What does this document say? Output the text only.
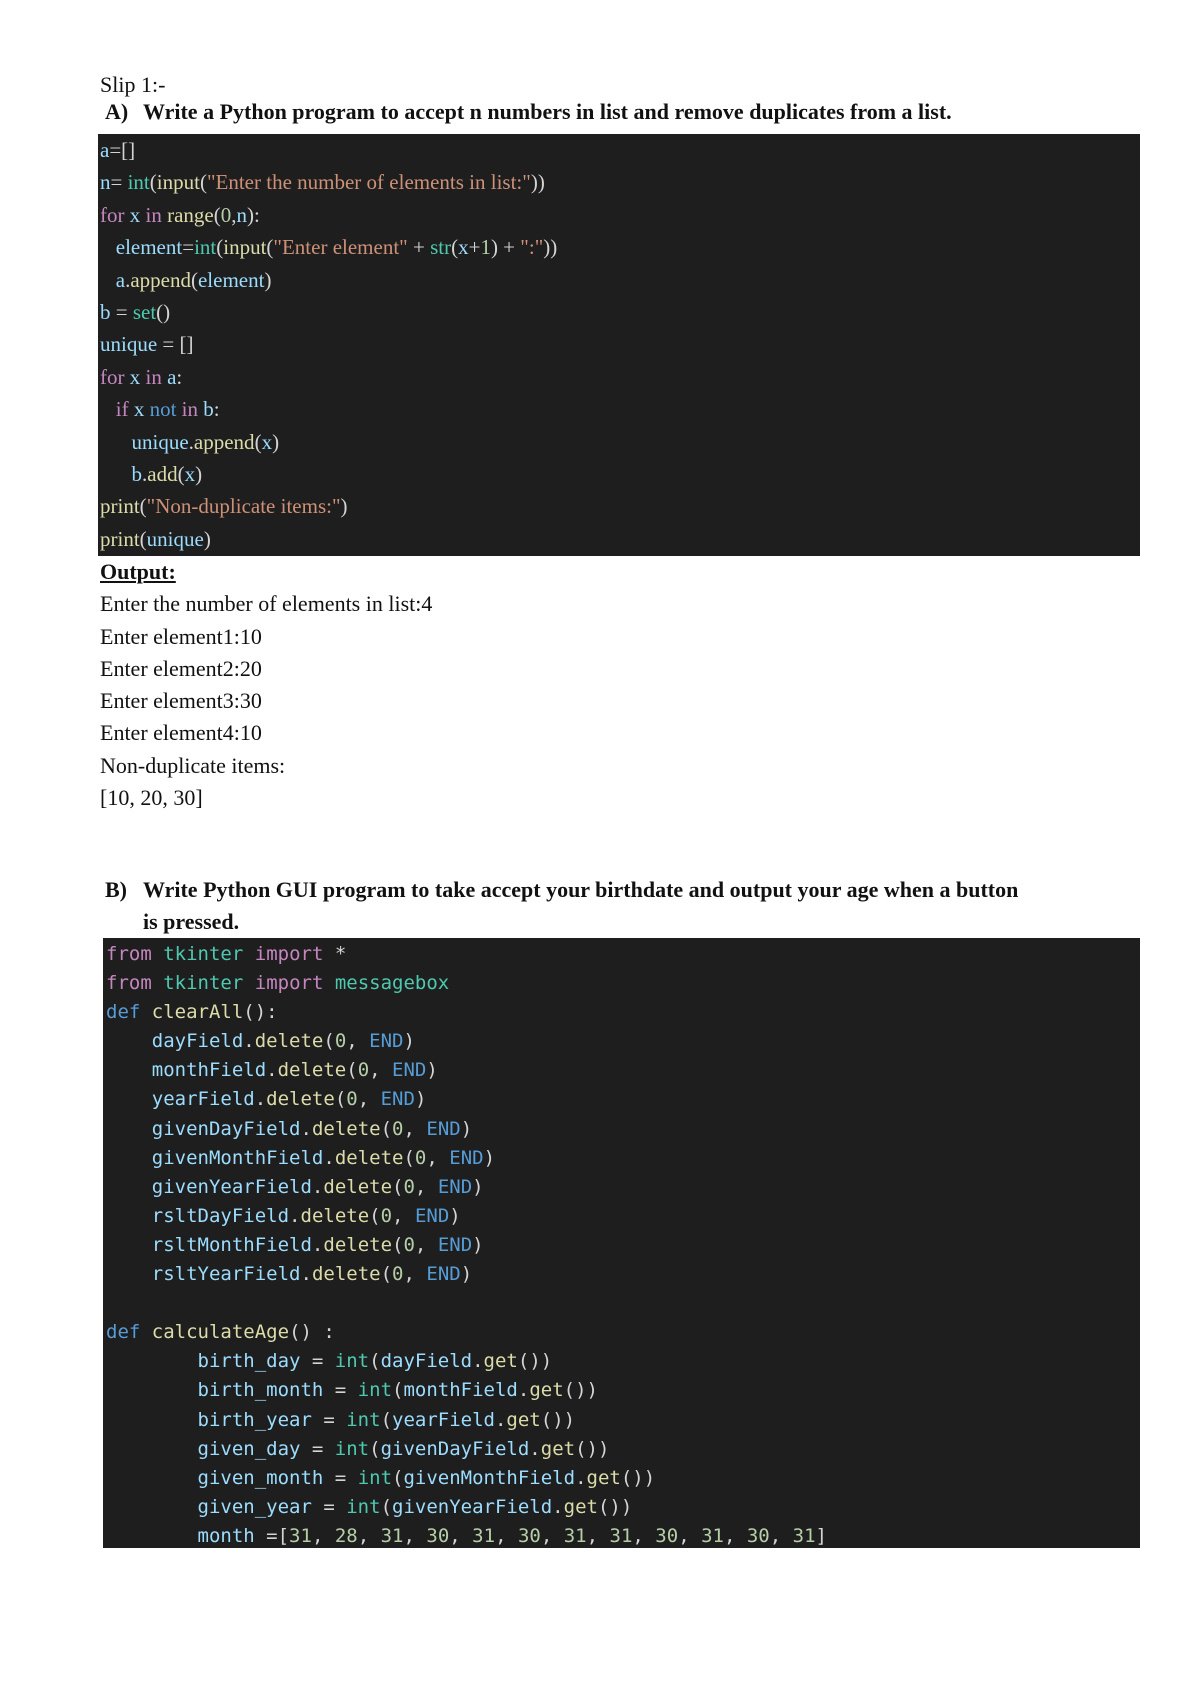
Slip 1:-
A) Write a Python program to accept n numbers in list and remove duplicates from a list.
a=[]
n= int(input("Enter the number of elements in list:"))
for x in range(0,n):
element=int(input("Enter element" + str(x+1) + ":"))
a.append(element)
b = set()
unique = []
for x in a:
if x not in b:
unique.append(x)
b.add(x)
print("Non-duplicate items:")
print(unique)
Output:
Enter the number of elements in list:4
Enter element1:10
Enter element2:20
Enter element3:30
Enter element4:10
Non-duplicate items:
[10, 20, 30]
B) Write Python GUI program to take accept your birthdate and output your age when a button
is pressed.
from tkinter import *
from tkinter import messagebox
def clearAll():
dayField.delete(0, END)
monthField.delete(0, END)
yearField.delete(0, END)
givenDayField.delete(0, END)
givenMonthField.delete(0, END)
givenYearField.delete(0, END)
rsltDayField.delete(0, END)
rsltMonthField.delete(0, END)
rsltYearField.delete(0, END)

def calculateAge() :
birth_day = int(dayField.get())
birth_month = int(monthField.get())
birth_year = int(yearField.get())
given_day = int(givenDayField.get())
given_month = int(givenMonthField.get())
given_year = int(givenYearField.get())
month =[31, 28, 31, 30, 31, 30, 31, 31, 30, 31, 30, 31]
